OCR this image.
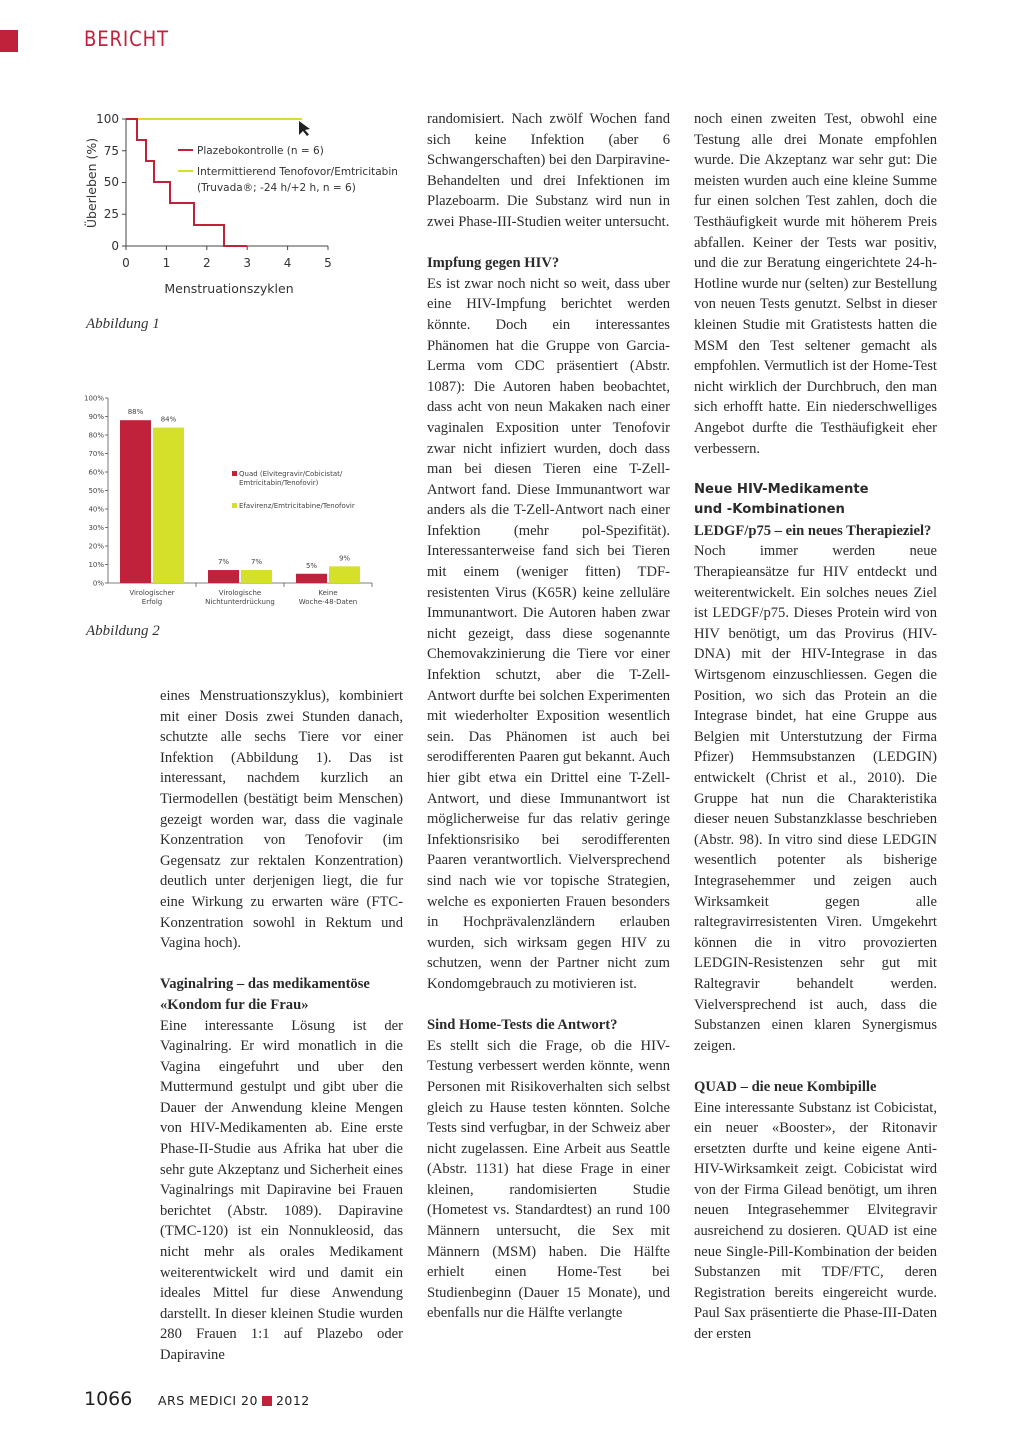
BERICHT
Überleben (%)
0
25
50
75
100
0	1	2	3	4	5
Menstruationszyklen
Plazebokontrolle (n = 6)
Intermittierend Tenofovor/Emtricitabin
(Truvada®; -24 h/+2 h, n = 6)
Abbildung 1
0%
10%
20%
30%
40%
50%
60%
70%
80%
90%
100%
88%
84%
Virologischer
Erfolg
7%	7%
Virologische
Nichtunterdrückung
5%
9%
Keine
Woche-48-Daten
Quad (Elvitegravir/Cobicistat/
Emtricitabin/Tenofovir)
Efavirenz/Emtricitabine/Tenofovir
Abbildung 2

eines Menstruationszyklus), kombiniert mit einer Dosis zwei Stunden danach, schutzte alle sechs Tiere vor einer Infektion (Abbildung 1). Das ist interessant, nachdem kurzlich an Tiermodellen (bestätigt beim Menschen) gezeigt worden war, dass die vaginale Konzentration von Tenofovir (im Gegensatz zur rektalen Konzentration) deutlich unter derjenigen liegt, die fur eine Wirkung zu erwarten wäre (FTC-Konzentration sowohl in Rektum und Vagina hoch).

Vaginalring – das medikamentöse
«Kondom fur die Frau»

Eine interessante Lösung ist der Vaginalring. Er wird monatlich in die Vagina eingefuhrt und uber den Muttermund gestulpt und gibt uber die Dauer der Anwendung kleine Mengen von HIV-Medikamenten ab. Eine erste Phase-II-Studie aus Afrika hat uber die sehr gute Akzeptanz und Sicherheit eines Vaginalrings mit Dapiravine bei Frauen berichtet (Abstr. 1089). Dapiravine (TMC-120) ist ein Nonnukleosid, das nicht mehr als orales Medikament weiterentwickelt wird und damit ein ideales Mittel fur diese Anwendung darstellt. In dieser kleinen Studie wurden 280 Frauen 1:1 auf Plazebo oder Dapiravine

randomisiert. Nach zwölf Wochen fand sich keine Infektion (aber 6 Schwangerschaften) bei den Darpiravine-Behandelten und drei Infektionen im Plazeboarm. Die Substanz wird nun in zwei Phase-III-Studien weiter untersucht.

Impfung gegen HIV?

Es ist zwar noch nicht so weit, dass uber eine HIV-Impfung berichtet werden könnte. Doch ein interessantes Phänomen hat die Gruppe von Garcia-Lerma vom CDC präsentiert (Abstr. 1087): Die Autoren haben beobachtet, dass acht von neun Makaken nach einer vaginalen Exposition unter Tenofovir zwar nicht infiziert wurden, doch dass man bei diesen Tieren eine T-Zell-Antwort fand. Diese Immunantwort war anders als die T-Zell-Antwort nach einer Infektion (mehr pol-Spezifität). Interessanterweise fand sich bei Tieren mit einem (weniger fitten) TDF-resistenten Virus (K65R) keine zelluläre Immunantwort. Die Autoren haben zwar nicht gezeigt, dass diese sogenannte Chemovakzinierung die Tiere vor einer Infektion schutzt, aber die T-Zell-Antwort durfte bei solchen Experimenten mit wiederholter Exposition wesentlich sein. Das Phänomen ist auch bei serodifferenten Paaren gut bekannt. Auch hier gibt etwa ein Drittel eine T-Zell-Antwort, und diese Immunantwort ist möglicherweise fur das relativ geringe Infektionsrisiko bei serodifferenten Paaren verantwortlich. Vielversprechend sind nach wie vor topische Strategien, welche es exponierten Frauen besonders in Hochprävalenzländern erlauben wurden, sich wirksam gegen HIV zu schutzen, wenn der Partner nicht zum Kondomgebrauch zu motivieren ist.

Sind Home-Tests die Antwort?

Es stellt sich die Frage, ob die HIV-Testung verbessert werden könnte, wenn Personen mit Risikoverhalten sich selbst gleich zu Hause testen könnten. Solche Tests sind verfugbar, in der Schweiz aber nicht zugelassen. Eine Arbeit aus Seattle (Abstr. 1131) hat diese Frage in einer kleinen, randomisierten Studie (Hometest vs. Standardtest) an rund 100 Männern untersucht, die Sex mit Männern (MSM) haben. Die Hälfte erhielt einen Home-Test bei Studienbeginn (Dauer 15 Monate), und ebenfalls nur die Hälfte verlangte

noch einen zweiten Test, obwohl eine Testung alle drei Monate empfohlen wurde. Die Akzeptanz war sehr gut: Die meisten wurden auch eine kleine Summe fur einen solchen Test zahlen, doch die Testhäufigkeit wurde mit höherem Preis abfallen. Keiner der Tests war positiv, und die zur Beratung eingerichtete 24-h-Hotline wurde nur (selten) zur Bestellung von neuen Tests genutzt. Selbst in dieser kleinen Studie mit Gratistests hatten die MSM den Test seltener gemacht als empfohlen. Vermutlich ist der Home-Test nicht wirklich der Durchbruch, den man sich erhofft hatte. Ein niederschwelliges Angebot durfte die Testhäufigkeit eher verbessern.

Neue HIV-Medikamente
und -Kombinationen
LEDGF/p75 – ein neues Therapieziel?

Noch immer werden neue Therapieansätze fur HIV entdeckt und weiterentwickelt. Ein solches neues Ziel ist LEDGF/p75. Dieses Protein wird von HIV benötigt, um das Provirus (HIV-DNA) mit der HIV-Integrase in das Wirtsgenom einzuschliessen. Gegen die Position, wo sich das Protein an die Integrase bindet, hat eine Gruppe aus Belgien mit Unterstutzung der Firma Pfizer) Hemmsubstanzen (LEDGIN) entwickelt (Christ et al., 2010). Die Gruppe hat nun die Charakteristika dieser neuen Substanzklasse beschrieben (Abstr. 98). In vitro sind diese LEDGIN wesentlich potenter als bisherige Integrasehemmer und zeigen auch Wirksamkeit gegen alle raltegravirresistenten Viren. Umgekehrt können die in vitro provozierten LEDGIN-Resistenzen sehr gut mit Raltegravir behandelt werden. Vielversprechend ist auch, dass die Substanzen einen klaren Synergismus zeigen.

QUAD – die neue Kombipille

Eine interessante Substanz ist Cobicistat, ein neuer «Booster», der Ritonavir ersetzten durfte und keine eigene Anti-HIV-Wirksamkeit zeigt. Cobicistat wird von der Firma Gilead benötigt, um ihren neuen Integrasehemmer Elvitegravir ausreichend zu dosieren. QUAD ist eine neue Single-Pill-Kombination der beiden Substanzen mit TDF/FTC, deren Registration bereits eingereicht wurde. Paul Sax präsentierte die Phase-III-Daten der ersten

1066 ARS MEDICI 20 2012
